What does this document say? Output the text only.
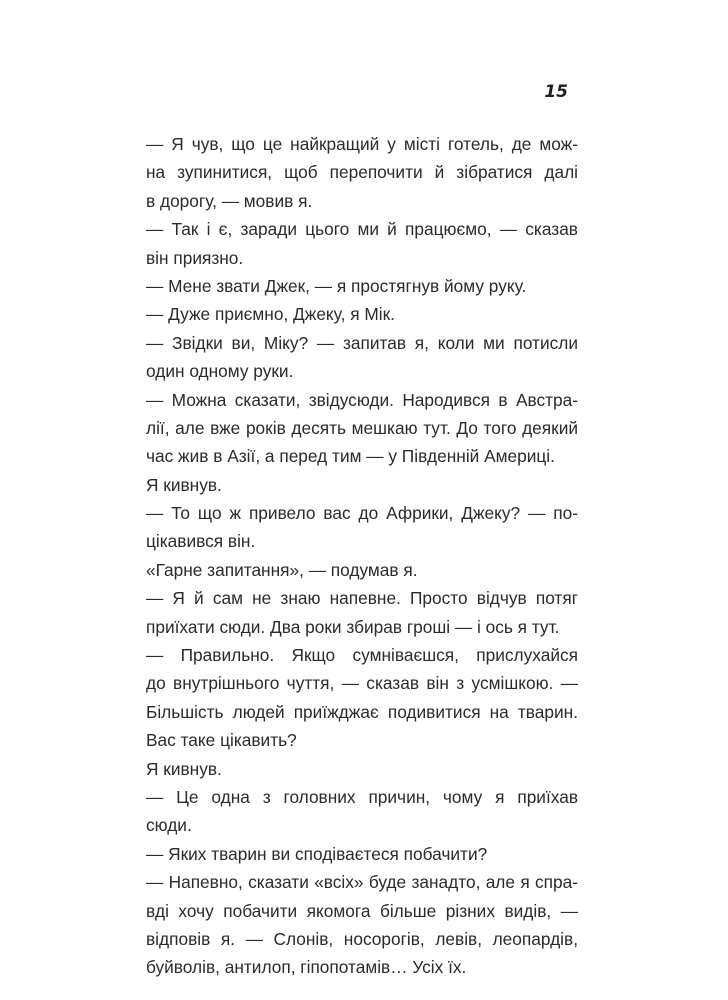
15
— Я чув, що це найкращий у місті готель, де мож-
на зупинитися, щоб перепочити й зібратися далі
в дорогу, — мовив я.
— Так і є, заради цього ми й працюємо, — сказав
він приязно.
— Мене звати Джек, — я простягнув йому руку.
— Дуже приємно, Джеку, я Мік.
— Звідки ви, Міку? — запитав я, коли ми потисли
один одному руки.
— Можна сказати, звідусюди. Народився в Австра-
лії, але вже років десять мешкаю тут. До того деякий
час жив в Азії, а перед тим — у Південній Америці.
Я кивнув.
— То що ж привело вас до Африки, Джеку? — по-
цікавився він.
«Гарне запитання», — подумав я.
— Я й сам не знаю напевне. Просто відчув потяг
приїхати сюди. Два роки збирав гроші — і ось я тут.
— Правильно. Якщо сумніваєшся, прислухайся
до внутрішнього чуття, — сказав він з усмішкою. —
Більшість людей приїжджає подивитися на тварин.
Вас таке цікавить?
Я кивнув.
— Це одна з головних причин, чому я приїхав
сюди.
— Яких тварин ви сподіваєтеся побачити?
— Напевно, сказати «всіх» буде занадто, але я спра-
вді хочу побачити якомога більше різних видів, —
відповів я. — Слонів, носорогів, левів, леопардів,
буйволів, антилоп, гіпопотамів… Усіх їх.
